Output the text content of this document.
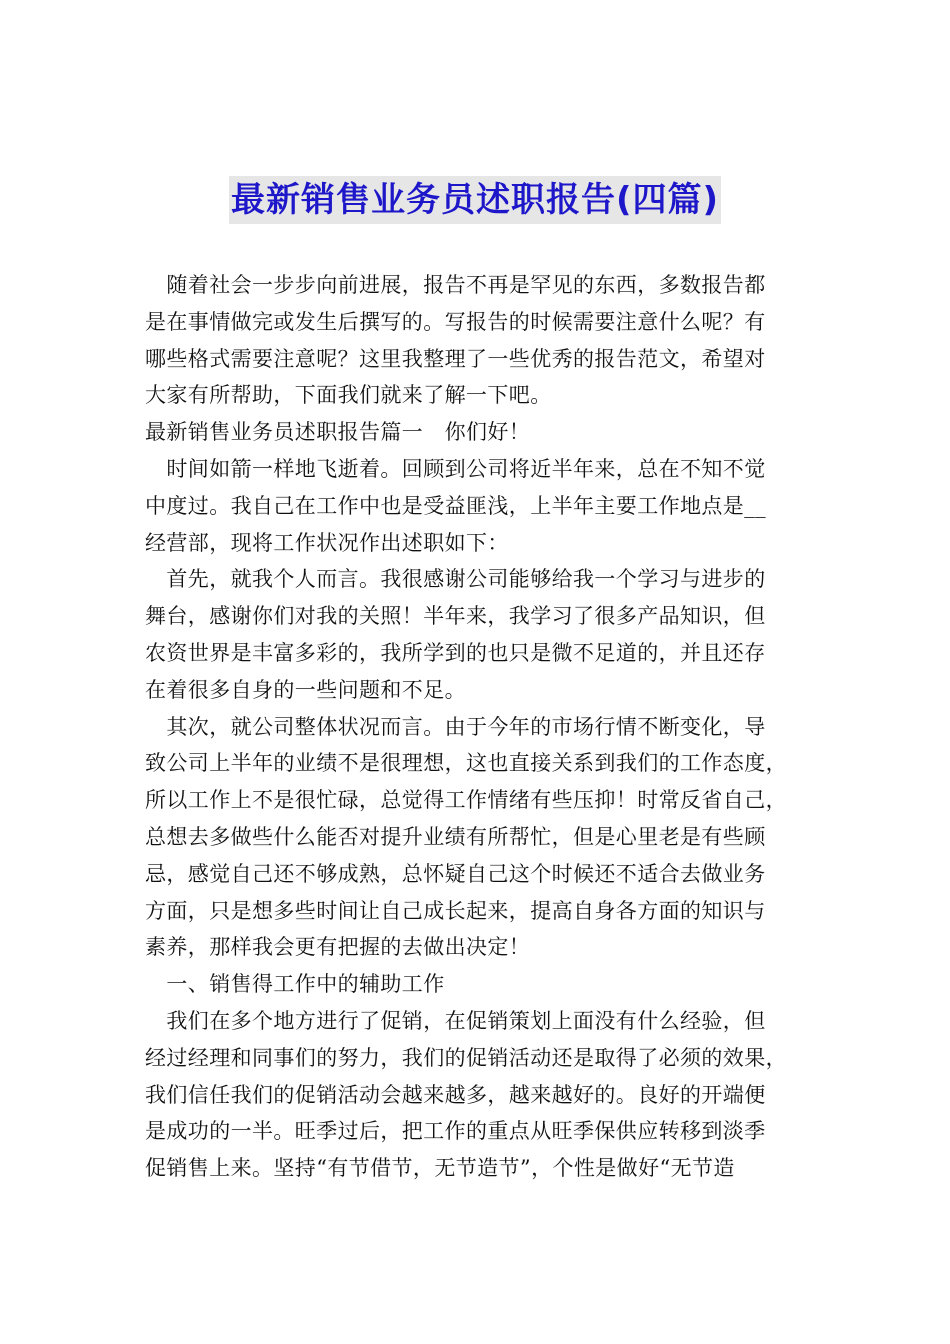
最新销售业务员述职报告(四篇)
　随着社会一步步向前进展，报告不再是罕见的东西，多数报告都
是在事情做完或发生后撰写的。写报告的时候需要注意什么呢？有
哪些格式需要注意呢？这里我整理了一些优秀的报告范文，希望对
大家有所帮助，下面我们就来了解一下吧。
最新销售业务员述职报告篇一　你们好！
　时间如箭一样地飞逝着。回顾到公司将近半年来，总在不知不觉
中度过。我自己在工作中也是受益匪浅，上半年主要工作地点是__
经营部，现将工作状况作出述职如下：
　首先，就我个人而言。我很感谢公司能够给我一个学习与进步的
舞台，感谢你们对我的关照！半年来，我学习了很多产品知识，但
农资世界是丰富多彩的，我所学到的也只是微不足道的，并且还存
在着很多自身的一些问题和不足。
　其次，就公司整体状况而言。由于今年的市场行情不断变化，导
致公司上半年的业绩不是很理想，这也直接关系到我们的工作态度，
所以工作上不是很忙碌，总觉得工作情绪有些压抑！时常反省自己，
总想去多做些什么能否对提升业绩有所帮忙，但是心里老是有些顾
忌，感觉自己还不够成熟，总怀疑自己这个时候还不适合去做业务
方面，只是想多些时间让自己成长起来，提高自身各方面的知识与
素养，那样我会更有把握的去做出决定！
　一、销售得工作中的辅助工作
　我们在多个地方进行了促销，在促销策划上面没有什么经验，但
经过经理和同事们的努力，我们的促销活动还是取得了必须的效果，
我们信任我们的促销活动会越来越多，越来越好的。良好的开端便
是成功的一半。旺季过后，把工作的重点从旺季保供应转移到淡季
促销售上来。坚持“有节借节，无节造节”，个性是做好“无节造
